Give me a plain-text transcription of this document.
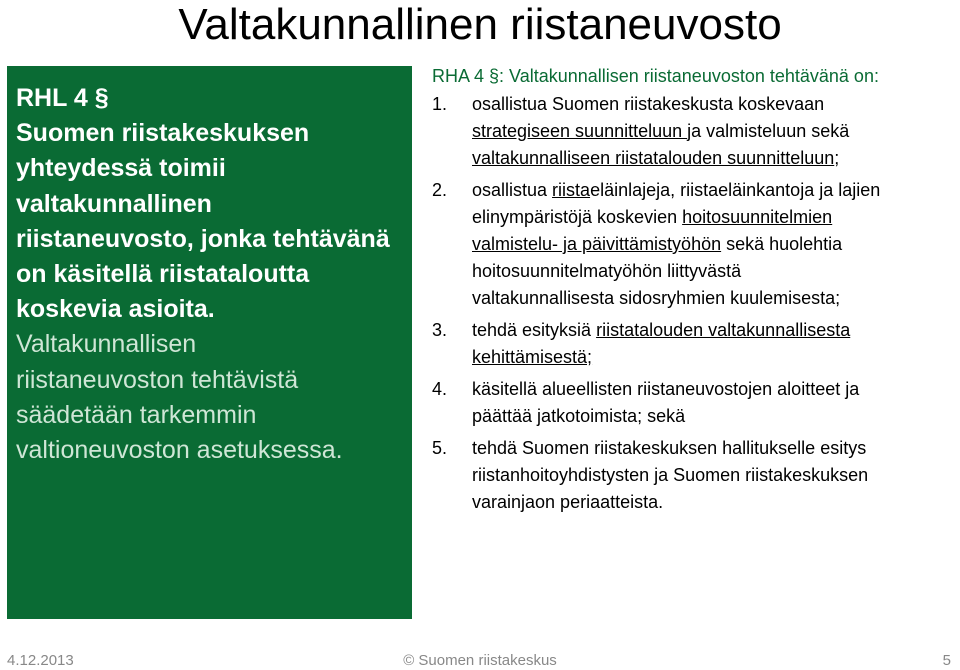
Valtakunnallinen riistaneuvosto

RHL 4 §

Suomen riistakeskuksen

yhteydessä toimii

valtakunnallinen

riistaneuvosto, jonka tehtävänä

on käsitellä riistataloutta

koskevia asioita.

Valtakunnallisen

riistaneuvoston tehtävistä

säädetään tarkemmin

valtioneuvoston asetuksessa.

RHA 4 §: Valtakunnallisen riistaneuvoston tehtävänä on:
1.	osallistua Suomen riistakeskusta koskevaan
strategiseen suunnitteluun ja valmisteluun sekä
valtakunnalliseen riistatalouden suunnitteluun;
2.	osallistua riistaeläinlajeja, riistaeläinkantoja ja lajien
elinympäristöjä koskevien hoitosuunnitelmien
valmistelu- ja päivittämistyöhön sekä huolehtia
hoitosuunnitelmatyöhön liittyvästä
valtakunnallisesta sidosryhmien kuulemisesta;
3.	tehdä esityksiä riistatalouden valtakunnallisesta
kehittämisestä;
4.	käsitellä alueellisten riistaneuvostojen aloitteet ja
päättää jatkotoimista; sekä
5.	tehdä Suomen riistakeskuksen hallitukselle esitys
riistanhoitoyhdistysten ja Suomen riistakeskuksen
varainjaon periaatteista.
4.12.2013	© Suomen riistakeskus	5
